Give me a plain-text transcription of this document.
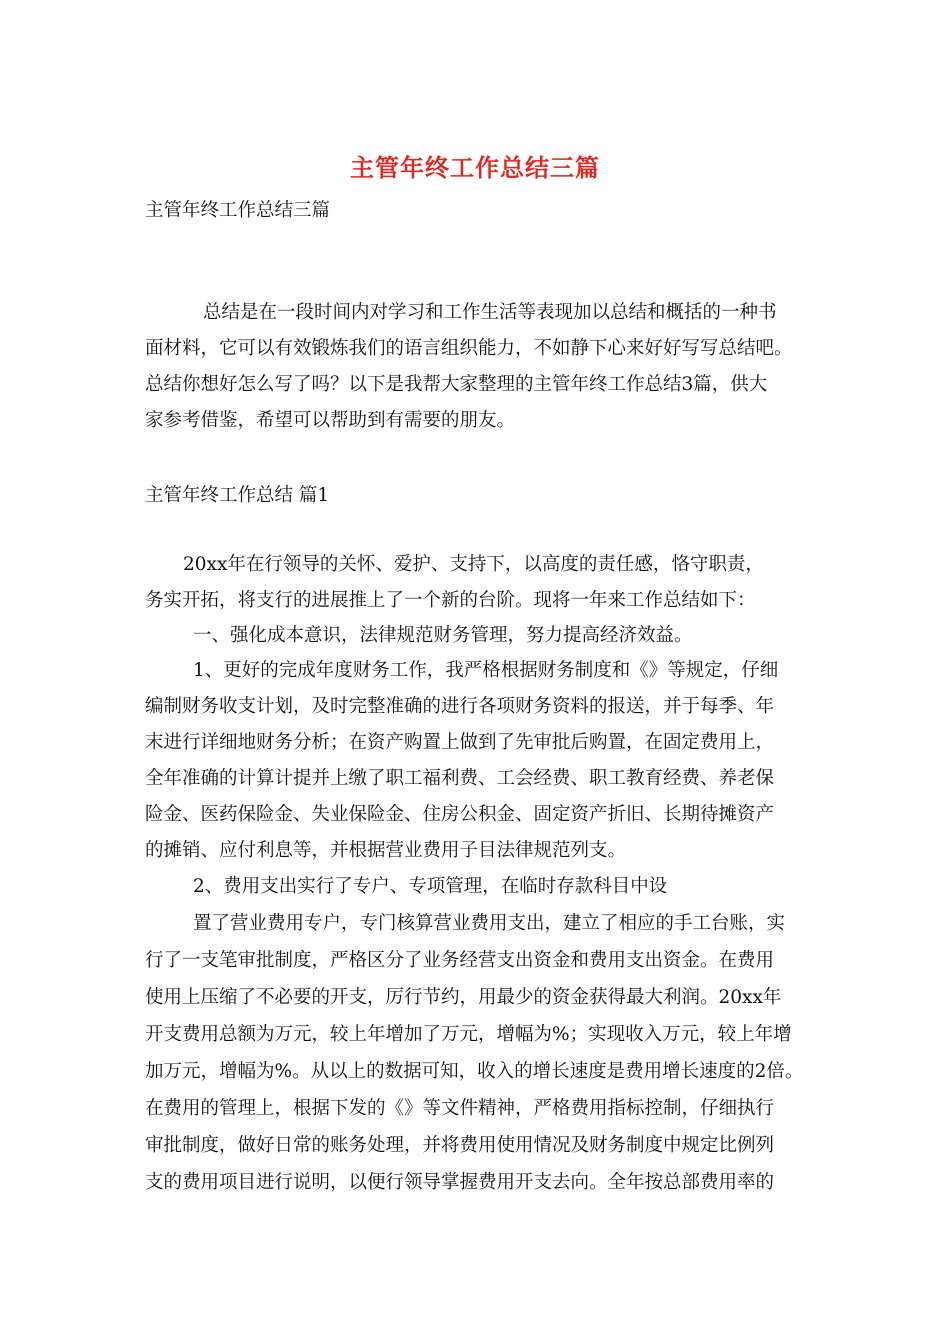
主管年终工作总结三篇
主管年终工作总结三篇
总结是在一段时间内对学习和工作生活等表现加以总结和概括的一种书
面材料，它可以有效锻炼我们的语言组织能力，不如静下心来好好写写总结吧。
总结你想好怎么写了吗？以下是我帮大家整理的主管年终工作总结3篇，供大
家参考借鉴，希望可以帮助到有需要的朋友。
主管年终工作总结 篇1
20xx年在行领导的关怀、爱护、支持下，以高度的责任感，恪守职责，
务实开拓，将支行的进展推上了一个新的台阶。现将一年来工作总结如下：
一、强化成本意识，法律规范财务管理，努力提高经济效益。
1、更好的完成年度财务工作，我严格根据财务制度和《》等规定，仔细
编制财务收支计划，及时完整准确的进行各项财务资料的报送，并于每季、年
末进行详细地财务分析；在资产购置上做到了先审批后购置，在固定费用上，
全年准确的计算计提并上缴了职工福利费、工会经费、职工教育经费、养老保
险金、医药保险金、失业保险金、住房公积金、固定资产折旧、长期待摊资产
的摊销、应付利息等，并根据营业费用子目法律规范列支。
2、费用支出实行了专户、专项管理，在临时存款科目中设
置了营业费用专户，专门核算营业费用支出，建立了相应的手工台账，实
行了一支笔审批制度，严格区分了业务经营支出资金和费用支出资金。在费用
使用上压缩了不必要的开支，厉行节约，用最少的资金获得最大利润。20xx年
开支费用总额为万元，较上年增加了万元，增幅为%；实现收入万元，较上年增
加万元，增幅为%。从以上的数据可知，收入的增长速度是费用增长速度的2倍。
在费用的管理上，根据下发的《》等文件精神，严格费用指标控制，仔细执行
审批制度，做好日常的账务处理，并将费用使用情况及财务制度中规定比例列
支的费用项目进行说明，以便行领导掌握费用开支去向。全年按总部费用率的
